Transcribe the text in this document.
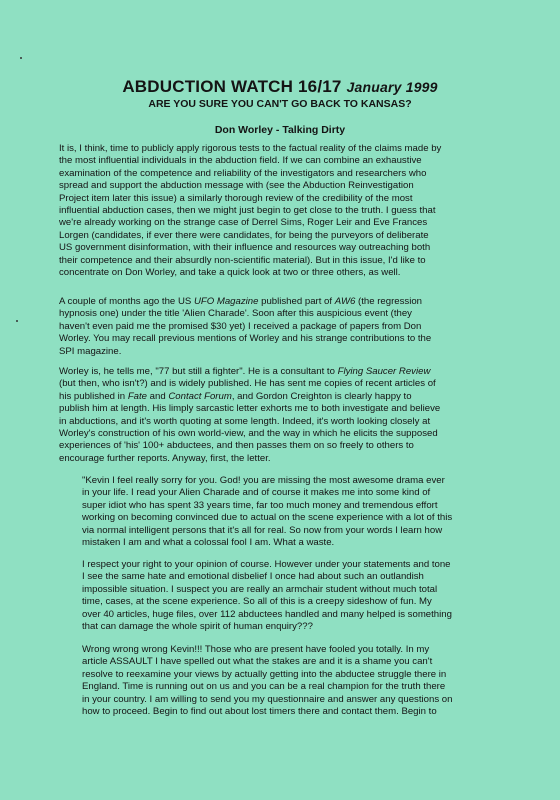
ABDUCTION WATCH 16/17 January 1999
ARE YOU SURE YOU CAN'T GO BACK TO KANSAS?
Don Worley - Talking Dirty
It is, I think, time to publicly apply rigorous tests to the factual reality of the claims made by
the most influential individuals in the abduction field. If we can combine an exhaustive
examination of the competence and reliability of the investigators and researchers who
spread and support the abduction message with (see the Abduction Reinvestigation
Project item later this issue) a similarly thorough review of the credibility of the most
influential abduction cases, then we might just begin to get close to the truth. I guess that
we're already working on the strange case of Derrel Sims, Roger Leir and Eve Frances
Lorgen (candidates, if ever there were candidates, for being the purveyors of deliberate
US government disinformation, with their influence and resources way outreaching both
their competence and their absurdly non-scientific material). But in this issue, I'd like to
concentrate on Don Worley, and take a quick look at two or three others, as well.
A couple of months ago the US UFO Magazine published part of AW6 (the regression
hypnosis one) under the title 'Alien Charade'. Soon after this auspicious event (they
haven't even paid me the promised $30 yet) I received a package of papers from Don
Worley. You may recall previous mentions of Worley and his strange contributions to the
SPI magazine.
Worley is, he tells me, "77 but still a fighter". He is a consultant to Flying Saucer Review
(but then, who isn't?) and is widely published. He has sent me copies of recent articles of
his published in Fate and Contact Forum, and Gordon Creighton is clearly happy to
publish him at length. His limply sarcastic letter exhorts me to both investigate and believe
in abductions, and it's worth quoting at some length. Indeed, it's worth looking closely at
Worley's construction of his own world-view, and the way in which he elicits the supposed
experiences of 'his' 100+ abductees, and then passes them on so freely to others to
encourage further reports. Anyway, first, the letter.
"Kevin I feel really sorry for you. God! you are missing the most awesome drama ever
in your life. I read your Alien Charade and of course it makes me into some kind of
super idiot who has spent 33 years time, far too much money and tremendous effort
working on becoming convinced due to actual on the scene experience with a lot of this
via normal intelligent persons that it's all for real. So now from your words I learn how
mistaken I am and what a colossal fool I am. What a waste.
I respect your right to your opinion of course. However under your statements and tone
I see the same hate and emotional disbelief I once had about such an outlandish
impossible situation. I suspect you are really an armchair student without much total
time, cases, at the scene experience. So all of this is a creepy sideshow of fun. My
over 40 articles, huge files, over 112 abductees handled and many helped is something
that can damage the whole spirit of human enquiry???
Wrong wrong wrong Kevin!!! Those who are present have fooled you totally. In my
article ASSAULT I have spelled out what the stakes are and it is a shame you can't
resolve to reexamine your views by actually getting into the abductee struggle there in
England. Time is running out on us and you can be a real champion for the truth there
in your country. I am willing to send you my questionnaire and answer any questions on
how to proceed. Begin to find out about lost timers there and contact them. Begin to
